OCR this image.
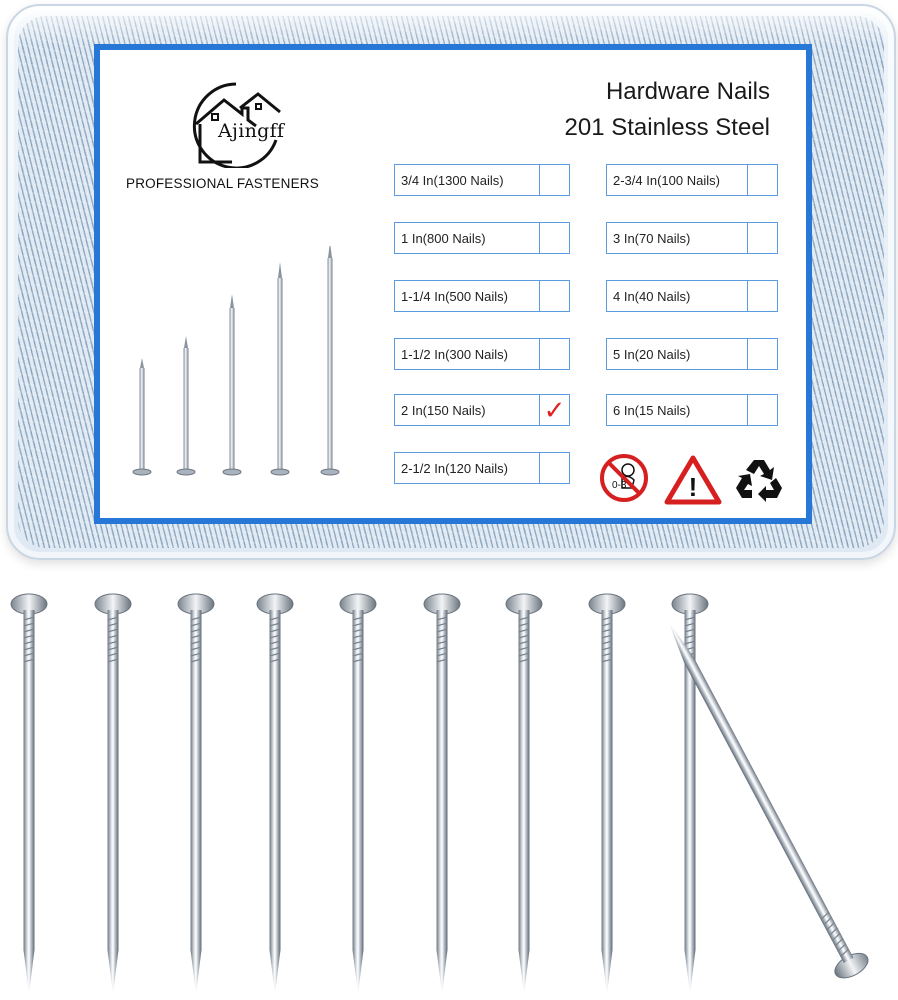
Ajingff
PROFESSIONAL FASTENERS
Hardware Nails
201 Stainless Steel
3/4 In(1300 Nails)
1 In(800 Nails)
1-1/4 In(500 Nails)
1-1/2 In(300 Nails)
2 In(150 Nails)	✓
2-1/2 In(120 Nails)
2-3/4 In(100 Nails)
3 In(70 Nails)
4 In(40 Nails)
5 In(20 Nails)
6 In(15 Nails)
0-3 !
